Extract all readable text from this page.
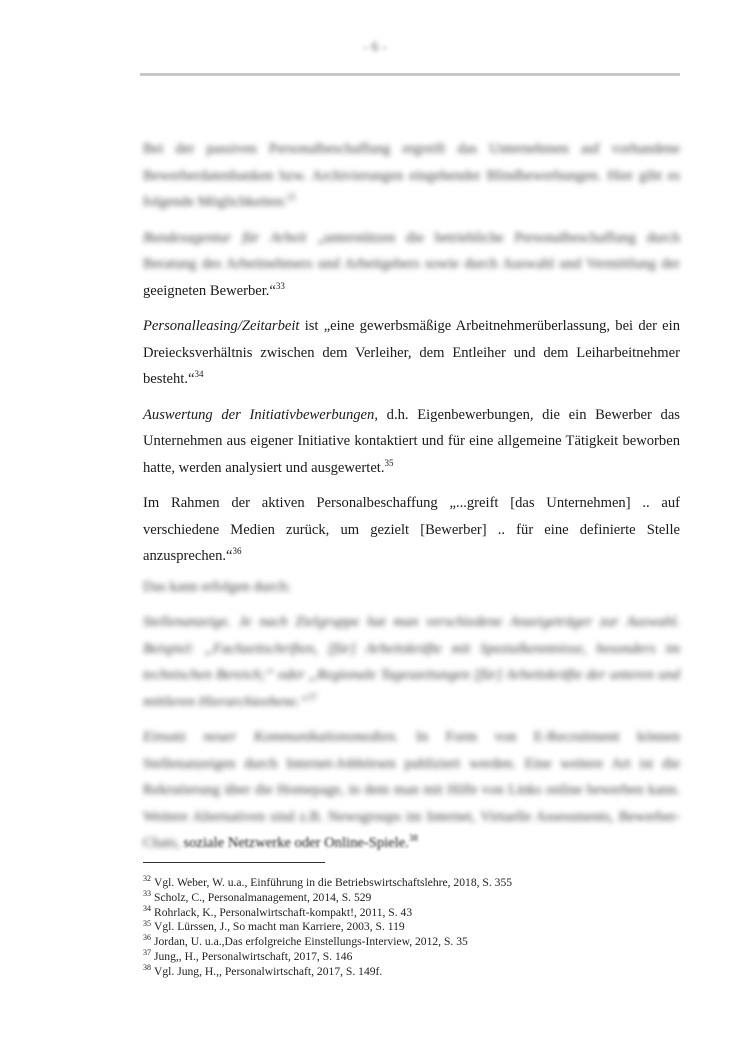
- 6 -

Bei der passiven Personalbeschaffung ergreift das Unternehmen auf vorhandene Bewerberdatenbanken bzw. Archivierungen eingehender Blindbewerbungen. Hier gibt es folgende Möglichkeiten:$^{32}$

Bundesagentur für Arbeit „unterstützen die betriebliche Personalbeschaffung durch Beratung des Arbeitnehmers und Arbeitgebers sowie durch Auswahl und Vermittlung der geeigneten Bewerber.“$^{33}$

Personalleasing/Zeitarbeit ist „eine gewerbsmäßige Arbeitnehmerüberlassung, bei der ein Dreiecksverhältnis zwischen dem Verleiher, dem Entleiher und dem Leiharbeitnehmer besteht.“$^{34}$

Auswertung der Initiativbewerbungen, d.h. Eigenbewerbungen, die ein Bewerber das Unternehmen aus eigener Initiative kontaktiert und für eine allgemeine Tätigkeit beworben hatte, werden analysiert und ausgewertet.$^{35}$

Im Rahmen der aktiven Personalbeschaffung „...greift [das Unternehmen] .. auf verschiedene Medien zurück, um gezielt [Bewerber] .. für eine definierte Stelle anzusprechen.“$^{36}$

Das kann erfolgen durch:

Stellenanzeige. Je nach Zielgruppe hat man verschiedene Anzeigeträger zur Auswahl. Beispiel: „Fachzeitschriften, [für] Arbeitskräfte mit Spezialkenntnisse, besonders im technischen Bereich;“ oder „Regionale Tageszeitungen [für] Arbeitskräfte der unteren und mittleren Hierarchieebene.“$^{37}$

Einsatz neuer Kommunikationsmedien. In Form von E-Recruitment können Stellenanzeigen durch Internet-Jobbörsen publiziert werden. Eine weitere Art ist die Rekrutierung über die Homepage, in dem man mit Hilfe von Links online bewerben kann. Weitere Alternativen sind z.B. Newsgroups im Internet, Virtuelle Assessments, Bewerber-Chats, soziale Netzwerke oder Online-Spiele.$^{38}$

$^{32}$ Vgl. Weber, W. u.a., Einführung in die Betriebswirtschaftslehre, 2018, S. 355
$^{33}$ Scholz, C., Personalmanagement, 2014, S. 529
$^{34}$ Rohrlack, K., Personalwirtschaft-kompakt!, 2011, S. 43
$^{35}$ Vgl. Lürssen, J., So macht man Karriere, 2003, S. 119
$^{36}$ Jordan, U. u.a.,Das erfolgreiche Einstellungs-Interview, 2012, S. 35
$^{37}$ Jung,, H., Personalwirtschaft, 2017, S. 146
$^{38}$ Vgl. Jung, H.,, Personalwirtschaft, 2017, S. 149f.
